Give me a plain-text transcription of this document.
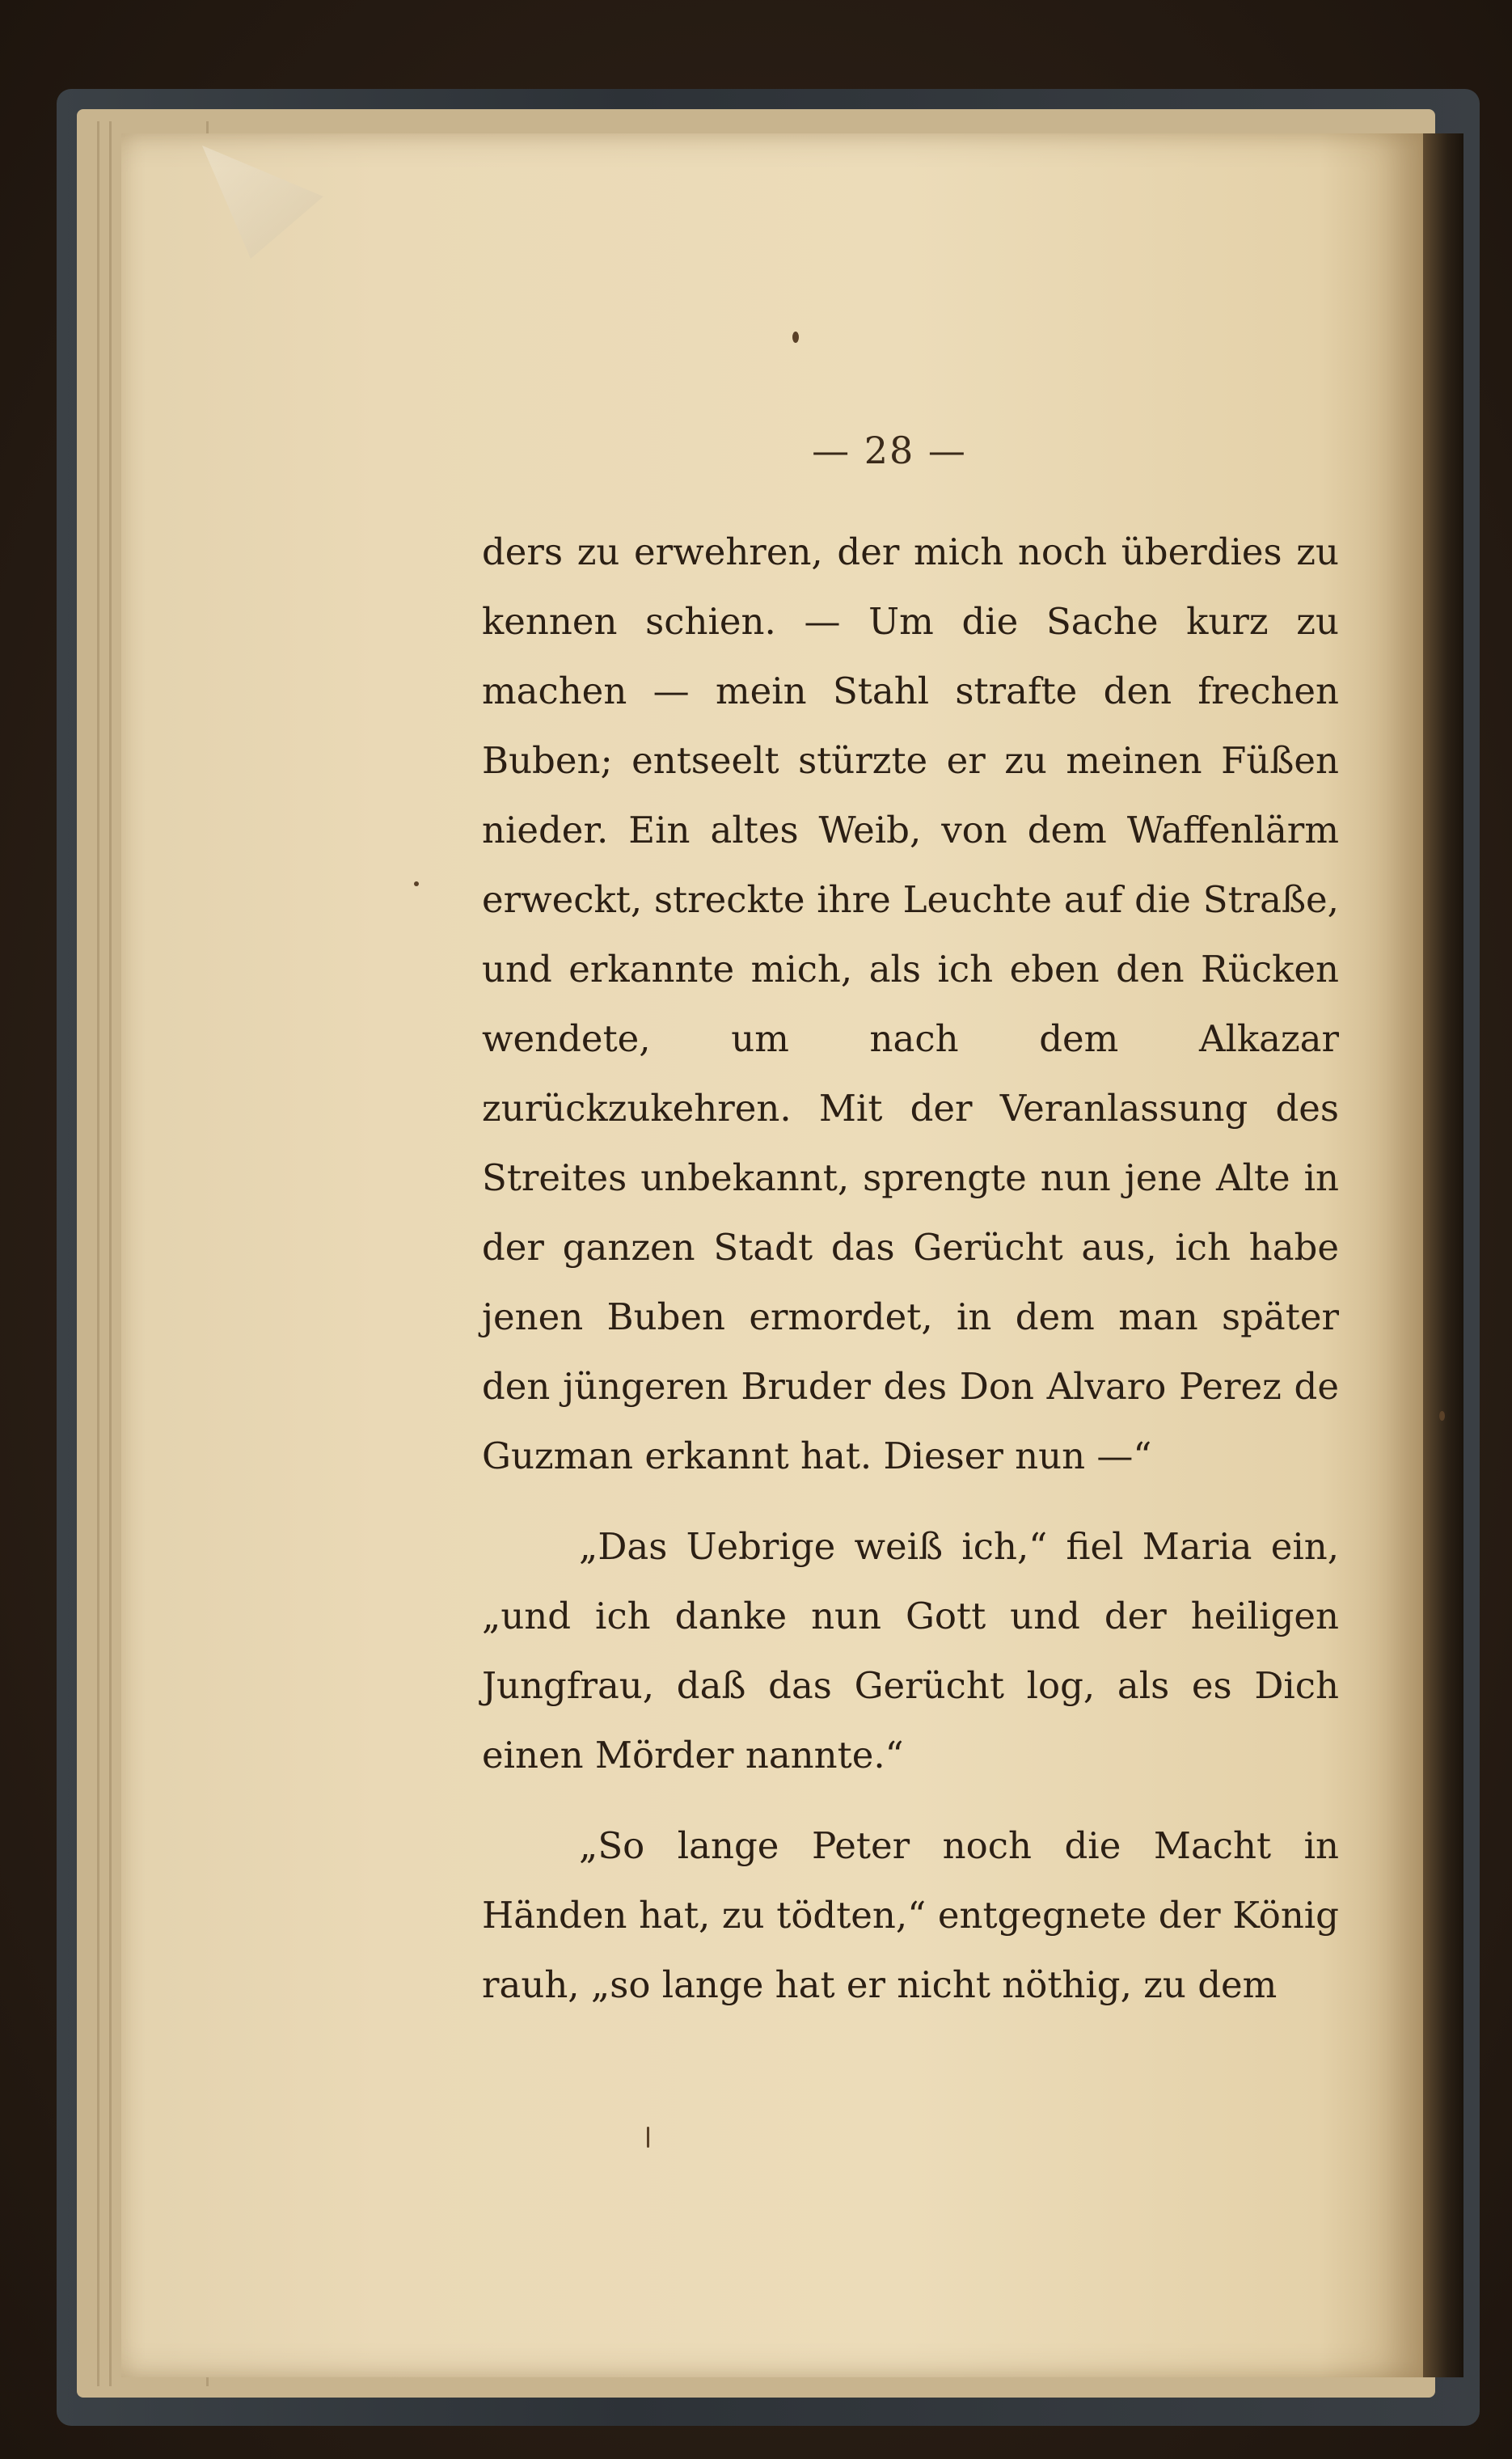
— 28 —

ders zu erwehren, der mich noch überdies zu kennen schien. — Um die Sache kurz zu machen — mein Stahl strafte den frechen Buben; entseelt stürzte er zu meinen Füßen nieder. Ein altes Weib, von dem Waffenlärm erweckt, streckte ihre Leuchte auf die Straße, und erkannte mich, als ich eben den Rücken wendete, um nach dem Alkazar zurückzukehren. Mit der Veranlassung des Streites unbekannt, sprengte nun jene Alte in der ganzen Stadt das Gerücht aus, ich habe jenen Buben ermordet, in dem man später den jüngeren Bruder des Don Alvaro Perez de Guzman erkannt hat. Dieser nun —“

„Das Uebrige weiß ich,“ fiel Maria ein, „und ich danke nun Gott und der heiligen Jungfrau, daß das Gerücht log, als es Dich einen Mörder nannte.“

„So lange Peter noch die Macht in Händen hat, zu tödten,“ entgegnete der König rauh, „so lange hat er nicht nöthig, zu dem
